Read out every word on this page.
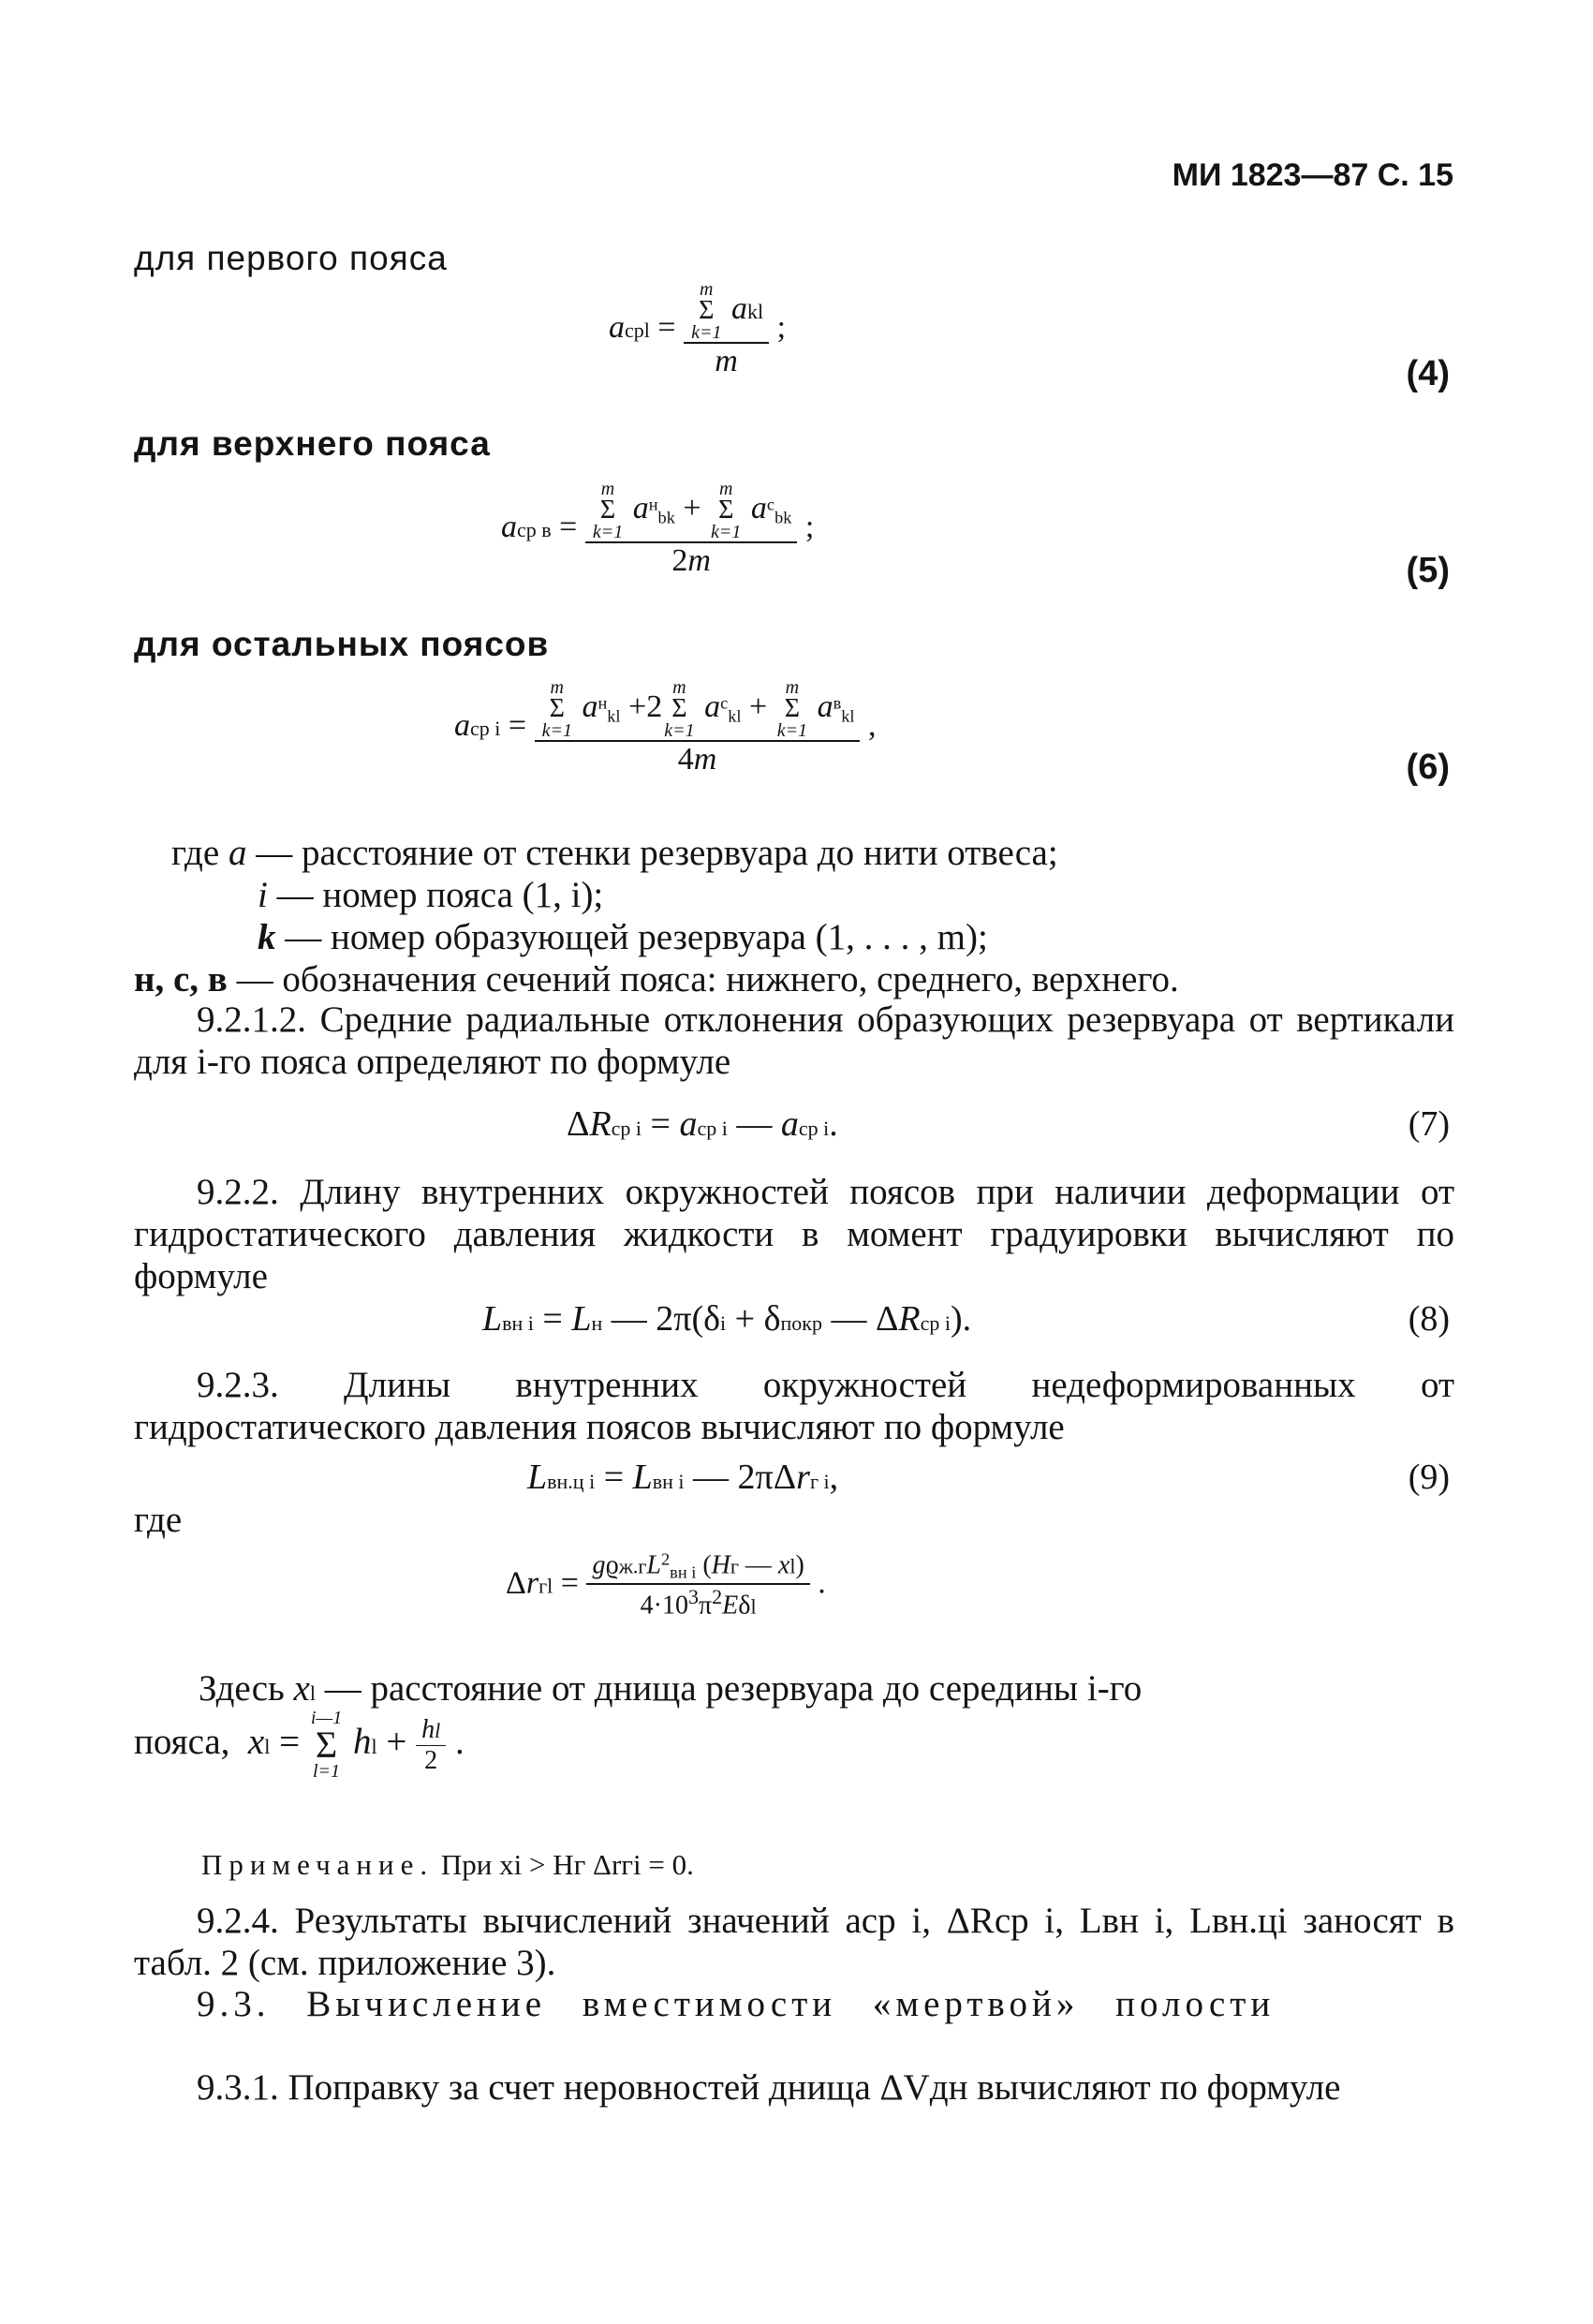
МИ 1823—87 С. 15
для первого пояса
для верхнего пояса
для остальных поясов
aсрl = m
Σ
k=1
akl
m ;
(4)
aср в = m
Σ
k=1
$a^н_{bk}$ +
m
Σ
k=1
$a^с_{bk}$
2m ;
(5)
aср i = m
Σ
k=1
$a^н_{kl} +2$
m
Σ
k=1
$a^с_{kl}$ +
m
Σ
k=1
$a^в_{kl}$
4m ,
(6)
где a — расстояние от стенки резервуара до нити отвеса;
i — номер пояса (1, i);
k — номер образующей резервуара (1, . . . , m);
н, с, в — обозначения сечений пояса: нижнего, среднего, верхнего.
9.2.1.2. Средние радиальные отклонения образующих резервуара от вертикали для i-го пояса определяют по формуле
ΔRср i = aср i — aср i.	(7)
9.2.2. Длину внутренних окружностей поясов при наличии деформации от гидростатического давления жидкости в момент градуировки вычисляют по формуле
Lвн i = Lн — 2π(δi + δпокр — ΔRср i).	(8)
9.2.3. Длины внутренних окружностей недеформированных от гидростатического давления поясов вычисляют по формуле
Lвн.ц i = Lвн i — 2πΔrг i,	(9)
где
$\Delta rгl = \frac{gϱж.гL^2_{вн i} (Hг — xl)}{4\cdot 10^3\pi^2E\delta l}$ .
Здесь xl — расстояние от днища резервуара до середины i-го
пояса, xl =
i—1
Σ
l=1
hl + $\frac{hl}{2}$ .
Примечание. При xi > Hг Δrгi = 0.
9.2.4. Результаты вычислений значений aср i, ΔRср i, Lвн i, Lвн.цi заносят в табл. 2 (см. приложение 3).
9.3. Вычисление вместимости «мертвой» полости
9.3.1. Поправку за счет неровностей днища ΔVдн вычисляют по формуле
